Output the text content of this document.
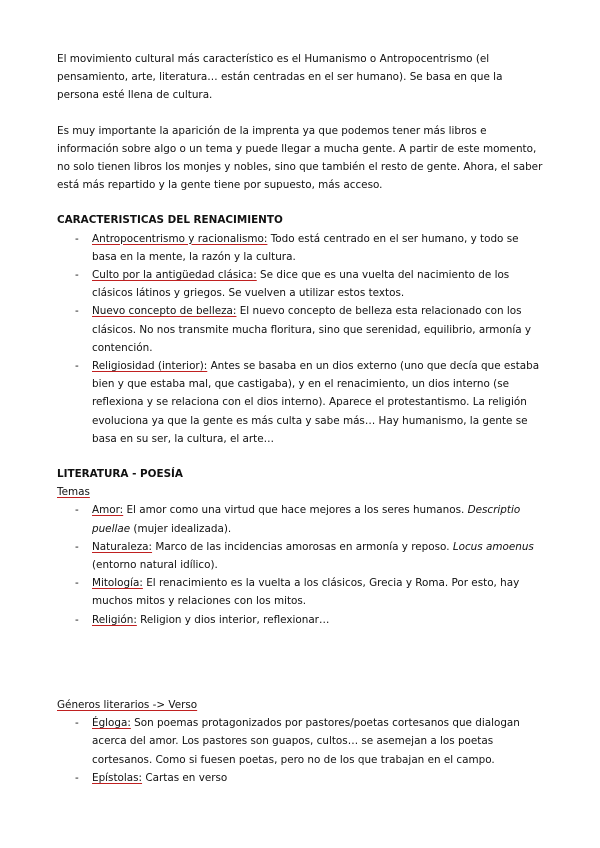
El movimiento cultural más característico es el Humanismo o Antropocentrismo (el pensamiento, arte, literatura… están centradas en el ser humano). Se basa en que la persona esté llena de cultura.

Es muy importante la aparición de la imprenta ya que podemos tener más libros e información sobre algo o un tema y puede llegar a mucha gente. A partir de este momento, no solo tienen libros los monjes y nobles, sino que también el resto de gente. Ahora, el saber está más repartido y la gente tiene por supuesto, más acceso.

CARACTERISTICAS DEL RENACIMIENTO

- Antropocentrismo y racionalismo: Todo está centrado en el ser humano, y todo se basa en la mente, la razón y la cultura.
- Culto por la antigüedad clásica: Se dice que es una vuelta del nacimiento de los clásicos látinos y griegos. Se vuelven a utilizar estos textos.
- Nuevo concepto de belleza: El nuevo concepto de belleza esta relacionado con los clásicos. No nos transmite mucha floritura, sino que serenidad, equilibrio, armonía y contención.
- Religiosidad (interior): Antes se basaba en un dios externo (uno que decía que estaba bien y que estaba mal, que castigaba), y en el renacimiento, un dios interno (se reflexiona y se relaciona con el dios interno). Aparece el protestantismo. La religión evoluciona ya que la gente es más culta y sabe más… Hay humanismo, la gente se basa en su ser, la cultura, el arte…

LITERATURA - POESÍA

Temas

- Amor: El amor como una virtud que hace mejores a los seres humanos. Descriptio puellae (mujer idealizada).
- Naturaleza: Marco de las incidencias amorosas en armonía y reposo. Locus amoenus (entorno natural idílico).
- Mitología: El renacimiento es la vuelta a los clásicos, Grecia y Roma. Por esto, hay muchos mitos y relaciones con los mitos.
- Religión: Religion y dios interior, reflexionar…

Géneros literarios -> Verso

- Égloga: Son poemas protagonizados por pastores/poetas cortesanos que dialogan acerca del amor. Los pastores son guapos, cultos… se asemejan a los poetas cortesanos. Como si fuesen poetas, pero no de los que trabajan en el campo.
- Epístolas: Cartas en verso
